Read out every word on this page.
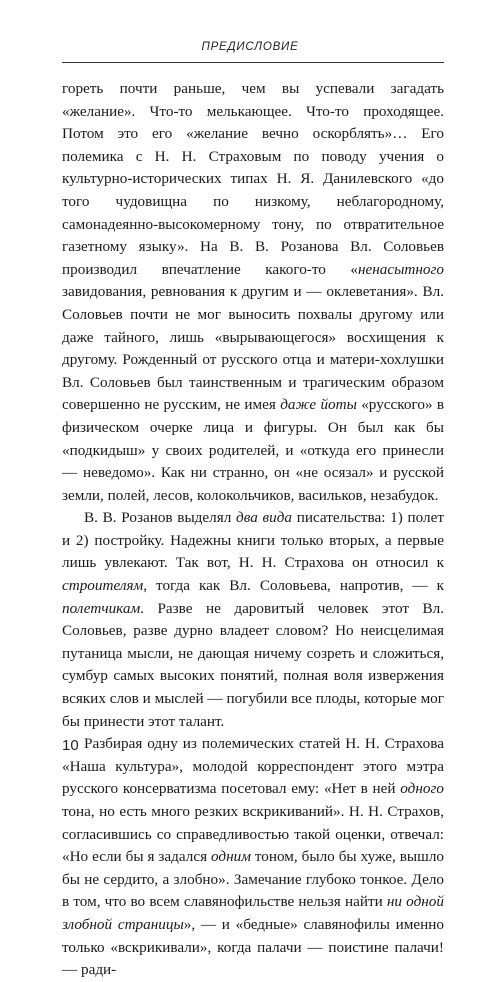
ПРЕДИСЛОВИЕ

гореть почти раньше, чем вы успевали загадать «желание». Что-то мелькающее. Что-то проходящее. Потом это его «желание вечно оскорблять»… Его полемика с Н. Н. Страховым по поводу учения о культурно-исторических типах Н. Я. Данилевского «до того чудовищна по низкому, неблагородному, самонадеянно-высокомерному тону, по отвратительное газетному языку». На В. В. Розанова Вл. Соловьев производил впечатление какого-то «ненасытного завидования, ревнования к другим и — оклеветания». Вл. Соловьев почти не мог выносить похвалы другому или даже тайного, лишь «вырывающегося» восхищения к другому. Рожденный от русского отца и матери-хохлушки Вл. Соловьев был таинственным и трагическим образом совершенно не русским, не имея даже йоты «русского» в физическом очерке лица и фигуры. Он был как бы «подкидыш» у своих родителей, и «откуда его принесли — неведомо». Как ни странно, он «не осязал» и русской земли, полей, лесов, колокольчиков, васильков, незабудок.

В. В. Розанов выделял два вида писательства: 1) полет и 2) постройку. Надежны книги только вторых, а первые лишь увлекают. Так вот, Н. Н. Страхова он относил к строителям, тогда как Вл. Соловьева, напротив, — к полетчикам. Разве не даровитый человек этот Вл. Соловьев, разве дурно владеет словом? Но неисцелимая путаница мысли, не дающая ничему созреть и сложиться, сумбур самых высоких понятий, полная воля извержения всяких слов и мыслей — погубили все плоды, которые мог бы принести этот талант.

Разбирая одну из полемических статей Н. Н. Страхова «Наша культура», молодой корреспондент этого мэтра русского консерватизма посетовал ему: «Нет в ней одного тона, но есть много резких вскрикиваний». Н. Н. Страхов, согласившись со справедливостью такой оценки, отвечал: «Но если бы я задался одним тоном, было бы хуже, вышло бы не сердито, а злобно». Замечание глубоко тонкое. Дело в том, что во всем славянофильстве нельзя найти ни одной злобной страницы», — и «бедные» славянофилы именно только «вскрикивали», когда палачи — поистине палачи! — ради-

10
